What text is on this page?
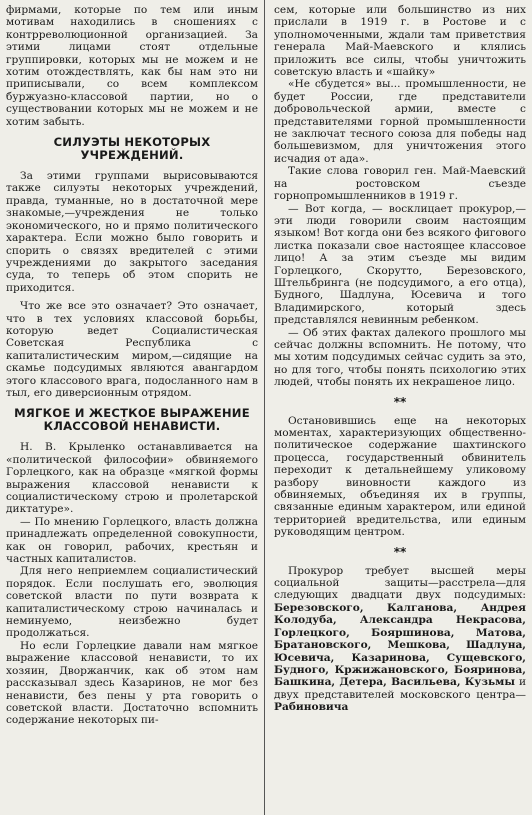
фирмами, которые по тем или иным мотивам находились в сношениях с контрреволюционной организацией. За этими лицами стоят отдельные группировки, которых мы не можем и не хотим отождествлять, как бы нам это ни приписывали, со всем комплексом буржуазно-классовой партии, но о существовании которых мы не можем и не хотим забыть.

СИЛУЭТЫ НЕКОТОРЫХ УЧРЕЖДЕНИЙ.

За этими группами вырисовываются также силуэты некоторых учреждений, правда, туманные, но в достаточной мере знакомые,—учреждения не только экономического, но и прямо политического характера. Если можно было говорить и спорить о связях вредителей с этими учреждениями до закрытого заседания суда, то теперь об этом спорить не приходится.

Что же все это означает? Это означает, что в тех условиях классовой борьбы, которую ведет Социалистическая Советская Республика с капиталистическим миром,—сидящие на скамье подсудимых являются авангардом этого классового врага, подосланного нам в тыл, его диверсионным отрядом.

МЯГКОЕ И ЖЕСТКОЕ ВЫРАЖЕНИЕ КЛАССОВОЙ НЕНАВИСТИ.

Н. В. Крыленко останавливается на «политической философии» обвиняемого Горлецкого, как на образце «мягкой формы выражения классовой ненависти к социалистическому строю и пролетарской диктатуре».

— По мнению Горлецкого, власть должна принадлежать определенной совокупности, как он говорил, рабочих, крестьян и частных капиталистов.

Для него неприемлем социалистический порядок. Если послушать его, эволюция советской власти по пути возврата к капиталистическому строю начиналась и неминуемо, неизбежно будет продолжаться.

Но если Горлецкие давали нам мягкое выражение классовой ненависти, то их хозяин, Дворжанчик, как об этом нам рассказывал здесь Казаринов, не мог без ненависти, без пены у рта говорить о советской власти. Достаточно вспомнить содержание некоторых пи-

сем, которые или большинство из них прислали в 1919 г. в Ростове и с уполномоченными, ждали там приветствия генерала Май-Маевского и клялись приложить все силы, чтобы уничтожить советскую власть и «шайку»

«Не сбудется» вы... промышленности, не будет России, где представители добровольческой армии, вместе с представителями горной промышленности не заключат тесного союза для победы над большевизмом, для уничтожения этого исчадия от ада».

Такие слова говорил ген. Май-Маевский на ростовском съезде горнопромышленников в 1919 г.

— Вот когда, — восклицает прокурор,— эти люди говорили своим настоящим языком! Вот когда они без всякого фигового листка показали свое настоящее классовое лицо! А за этим съезде мы видим Горлецкого, Скорутто, Березовского, Штельбринга (не подсудимого, а его отца), Будного, Шадлуна, Юсевича и того Владимирского, который здесь представлялся невинным ребенком.

— Об этих фактах далекого прошлого мы сейчас должны вспомнить. Не потому, что мы хотим подсудимых сейчас судить за это, но для того, чтобы понять психологию этих людей, чтобы понять их некрашеное лицо.

**

Остановившись еще на некоторых моментах, характеризующих общественно-политическое содержание шахтинского процесса, государственный обвинитель переходит к детальнейшему уликовому разбору виновности каждого из обвиняемых, объединяя их в группы, связанные единым характером, или единой территорией вредительства, или единым руководящим центром.

**

Прокурор требует высшей меры социальной защиты—расстрела—для следующих двадцати двух подсудимых: Березовского, Калганова, Андрея Колодуба, Александра Некрасова, Горлецкого, Бояршинова, Матова, Братановского, Мешкова, Шадлуна, Юсевича, Казаринова, Сущевского, Будного, Кржижановского, Бояринова, Башкина, Детера, Васильева, Кузьмы и двух представителей московского центра— Рабиновича
